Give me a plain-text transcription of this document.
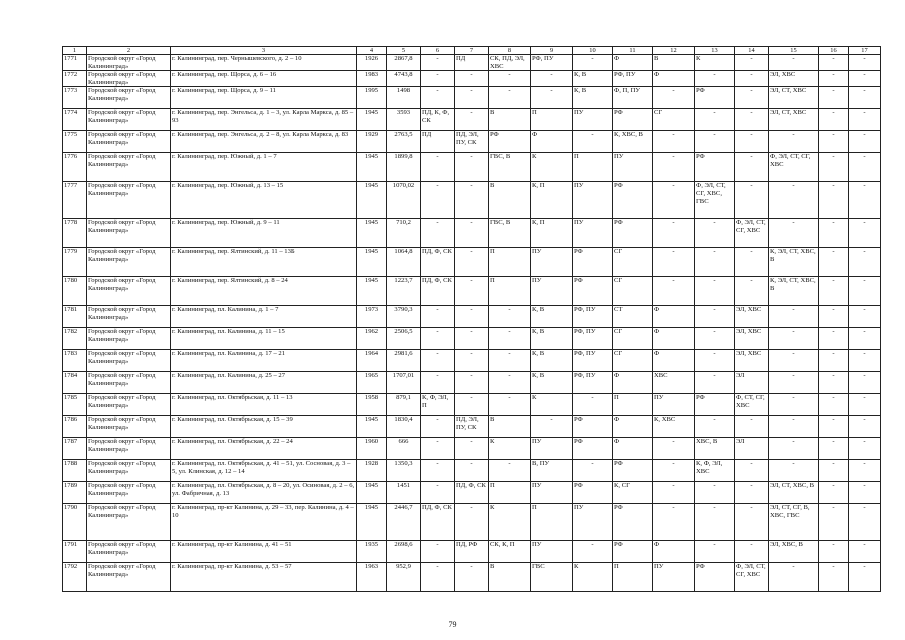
1	2	3	4	5	6	7	8	9	10	11	12	13	14	15	16	17
1771	Городской округ «Город Калининград»	г. Калининград, пер. Чернышевского, д. 2 – 10	1926	2867,8	-	ПД	СК, ПД, ЭЛ, ХВС	РФ, ПУ	-	Ф	В	К	-	-	-	-
1772	Городской округ «Город Калининград»	г. Калининград, пер. Щорса, д. 6 – 16	1983	4743,8	-	-	-	-	К, В	РФ, ПУ	Ф	-	-	ЭЛ, ХВС	-	-
1773	Городской округ «Город Калининград»	г. Калининград, пер. Щорса, д. 9 – 11	1995	1498	-	-	-	-	К, В	Ф, П, ПУ	-	РФ	-	ЭЛ, СТ, ХВС	-	-
1774	Городской округ «Город Калининград»	г. Калининград, пер. Энгельса, д. 1 – 3, ул. Карла Маркса, д. 85 – 93	1945	3593	ПД, К, Ф, СК	-	В	П	ПУ	РФ	СГ	-	-	ЭЛ, СТ, ХВС	-	-
1775	Городской округ «Город Калининград»	г. Калининград, пер. Энгельса, д. 2 – 8, ул. Карла Маркса, д. 83	1929	2763,5	ПД	ПД, ЭЛ, ПУ, СК	РФ	Ф	-	К, ХВС, В	-	-	-	-	-	-
1776	Городской округ «Город Калининград»	г. Калининград, пер. Южный, д. 1 – 7	1945	1899,8	-	-	ГВС, В	К	П	ПУ	-	РФ	-	Ф, ЭЛ, СТ, СГ, ХВС	-	-
1777	Городской округ «Город Калининград»	г. Калининград, пер. Южный, д. 13 – 15	1945	1070,02	-	-	В	К, П	ПУ	РФ	-	Ф, ЭЛ, СТ, СГ, ХВС, ГВС	-	-	-	-
1778	Городской округ «Город Калининград»	г. Калининград, пер. Южный, д. 9 – 11	1945	710,2	-	-	ГВС, В	К, П	ПУ	РФ	-	-	Ф, ЭЛ, СТ, СГ, ХВС	-	-	-
1779	Городской округ «Город Калининград»	г. Калининград, пер. Ялтинский, д. 11 – 13Б	1945	1064,8	ПД, Ф, СК	-	П	ПУ	РФ	СГ	-	-	-	К, ЭЛ, СТ, ХВС, В	-	-
1780	Городской округ «Город Калининград»	г. Калининград, пер. Ялтинский, д. 8 – 24	1945	1223,7	ПД, Ф, СК	-	П	ПУ	РФ	СГ	-	-	-	К, ЭЛ, СТ, ХВС, В	-	-
1781	Городской округ «Город Калининград»	г. Калининград, пл. Калинина, д. 1 – 7	1973	3790,3	-	-	-	К, В	РФ, ПУ	СТ	Ф	-	ЭЛ, ХВС	-	-	-
1782	Городской округ «Город Калининград»	г. Калининград, пл. Калинина, д. 11 – 15	1962	2506,5	-	-	-	К, В	РФ, ПУ	СГ	Ф	-	ЭЛ, ХВС	-	-	-
1783	Городской округ «Город Калининград»	г. Калининград, пл. Калинина, д. 17 – 21	1964	2981,6	-	-	-	К, В	РФ, ПУ	СГ	Ф	-	ЭЛ, ХВС	-	-	-
1784	Городской округ «Город Калининград»	г. Калининград, пл. Калинина, д. 25 – 27	1965	1707,01	-	-	-	К, В	РФ, ПУ	Ф	ХВС	-	ЭЛ	-	-	-
1785	Городской округ «Город Калининград»	г. Калининград, пл. Октябрьская, д. 11 – 13	1958	879,1	К, Ф, ЭЛ, П	-	-	К	-	П	ПУ	РФ	Ф, СТ, СГ, ХВС	-	-	-
1786	Городской округ «Город Калининград»	г. Калининград, пл. Октябрьская, д. 15 – 39	1945	1830,4	-	ПД, ЭЛ, ПУ, СК	В	-	РФ	Ф	К, ХВС	-	-	-	-	-
1787	Городской округ «Город Калининград»	г. Калининград, пл. Октябрьская, д. 22 – 24	1960	666	-	-	К	ПУ	РФ	Ф	-	ХВС, В	ЭЛ	-	-	-
1788	Городской округ «Город Калининград»	г. Калининград, пл. Октябрьская, д. 41 – 51, ул. Сосновая, д. 3 – 5, ул. Клинская, д. 12 – 14	1928	1350,3	-	-	-	В, ПУ	-	РФ	-	К, Ф, ЭЛ, ХВС	-	-	-	-
1789	Городской округ «Город Калининград»	г. Калининград, пл. Октябрьская, д. 8 – 20, ул. Осиновая, д. 2 – 6, ул. Фабричная, д. 13	1945	1451	-	ПД, Ф, СК	П	ПУ	РФ	К, СГ	-	-	-	ЭЛ, СТ, ХВС, В	-	-
1790	Городской округ «Город Калининград»	г. Калининград, пр-кт Калинина, д. 29 – 33, пер. Калинина, д. 4 – 10	1945	2446,7	ПД, Ф, СК	-	К	П	ПУ	РФ	-	-	-	ЭЛ, СТ, СГ, В, ХВС, ГВС	-	-
1791	Городской округ «Город Калининград»	г. Калининград, пр-кт Калинина, д. 41 – 51	1935	2698,6	-	ПД, РФ	СК, К, П	ПУ	-	РФ	Ф	-	-	ЭЛ, ХВС, В	-	-
1792	Городской округ «Город Калининград»	г. Калининград, пр-кт Калинина, д. 53 – 57	1963	952,9	-	-	В	ГВС	К	П	ПУ	РФ	Ф, ЭЛ, СТ, СГ, ХВС	-	-	-
79
